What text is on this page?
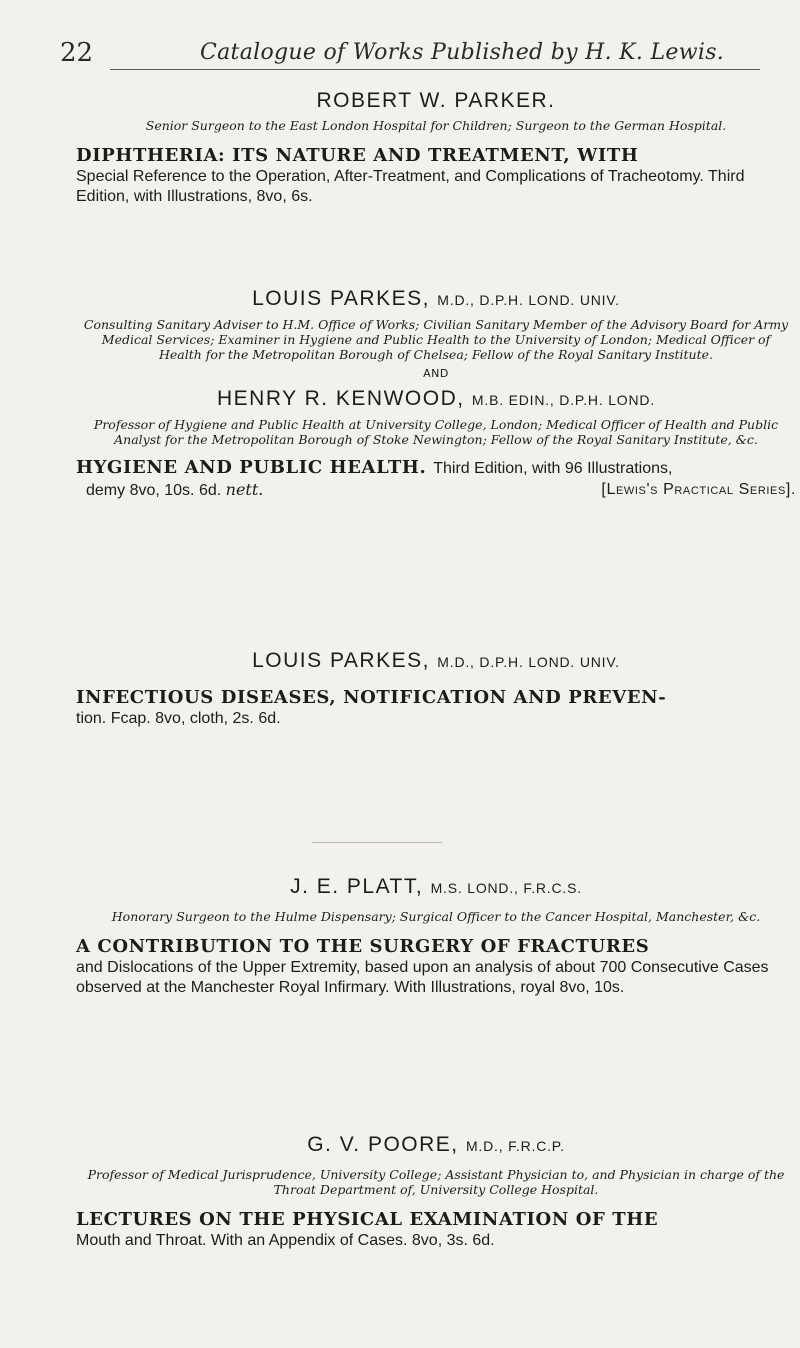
22	Catalogue of Works Published by H. K. Lewis.

ROBERT W. PARKER.

Senior Surgeon to the East London Hospital for Children; Surgeon to the German Hospital.

DIPHTHERIA: ITS NATURE AND TREATMENT, WITH

Special Reference to the Operation, After-Treatment, and Complications of Tracheotomy. Third Edition, with Illustrations, 8vo, 6s.

LOUIS PARKES, M.D., D.P.H. LOND. UNIV.

Consulting Sanitary Adviser to H.M. Office of Works; Civilian Sanitary Member of the Advisory Board for Army Medical Services; Examiner in Hygiene and Public Health to the University of London; Medical Officer of Health for the Metropolitan Borough of Chelsea; Fellow of the Royal Sanitary Institute.

AND

HENRY R. KENWOOD, M.B. EDIN., D.P.H. LOND.

Professor of Hygiene and Public Health at University College, London; Medical Officer of Health and Public Analyst for the Metropolitan Borough of Stoke Newington; Fellow of the Royal Sanitary Institute, &c.

HYGIENE AND PUBLIC HEALTH. Third Edition, with 96 Illustrations,

demy 8vo, 10s. 6d. nett.	[Lewis's Practical Series].

LOUIS PARKES, M.D., D.P.H. LOND. UNIV.

INFECTIOUS DISEASES, NOTIFICATION AND PREVEN-

tion. Fcap. 8vo, cloth, 2s. 6d.

J. E. PLATT, M.S. LOND., F.R.C.S.

Honorary Surgeon to the Hulme Dispensary; Surgical Officer to the Cancer Hospital, Manchester, &c.

A CONTRIBUTION TO THE SURGERY OF FRACTURES

and Dislocations of the Upper Extremity, based upon an analysis of about 700 Consecutive Cases observed at the Manchester Royal Infirmary. With Illustrations, royal 8vo, 10s.

G. V. POORE, M.D., F.R.C.P.

Professor of Medical Jurisprudence, University College; Assistant Physician to, and Physician in charge of the Throat Department of, University College Hospital.

LECTURES ON THE PHYSICAL EXAMINATION OF THE

Mouth and Throat. With an Appendix of Cases. 8vo, 3s. 6d.
